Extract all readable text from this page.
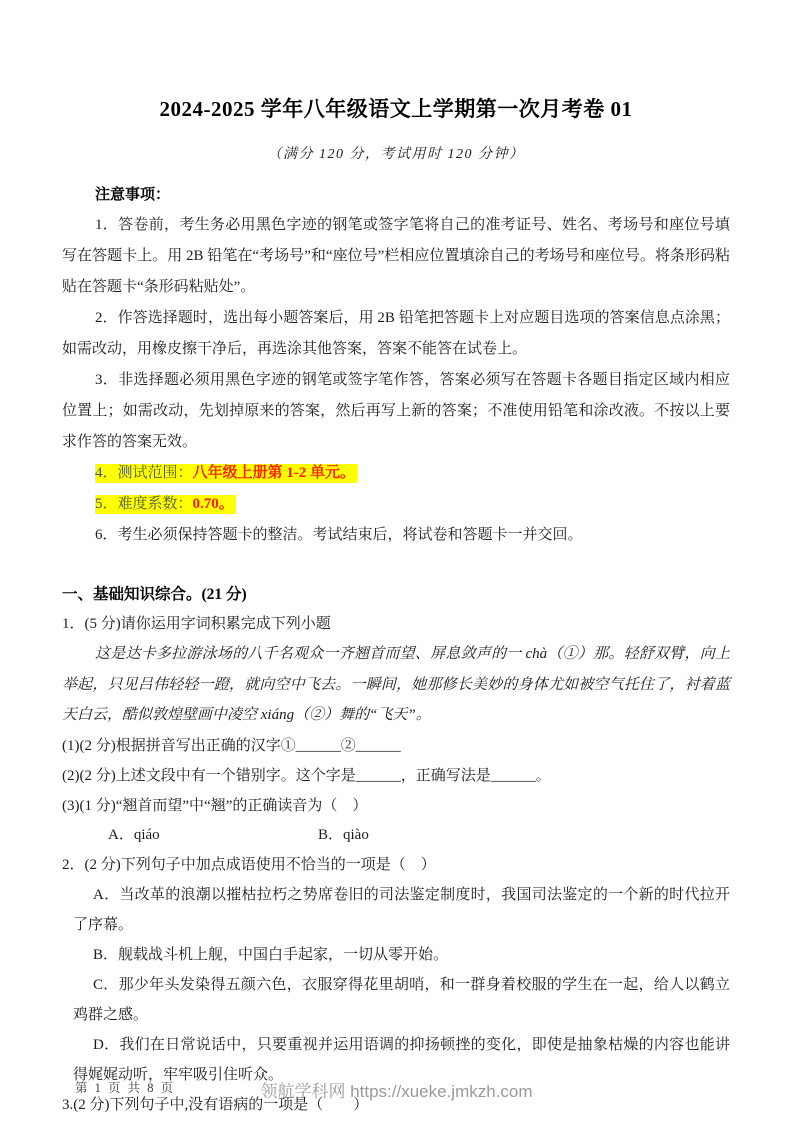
2024-2025 学年八年级语文上学期第一次月考卷 01
（满分 120 分，考试用时 120 分钟）
注意事项：

1．答卷前，考生务必用黑色字迹的钢笔或签字笔将自己的准考证号、姓名、考场号和座位号填写在答题卡上。用 2B 铅笔在“考场号”和“座位号”栏相应位置填涂自己的考场号和座位号。将条形码粘贴在答题卡“条形码粘贴处”。

2．作答选择题时，选出每小题答案后，用 2B 铅笔把答题卡上对应题目选项的答案信息点涂黑；如需改动，用橡皮擦干净后，再选涂其他答案，答案不能答在试卷上。

3．非选择题必须用黑色字迹的钢笔或签字笔作答，答案必须写在答题卡各题目指定区域内相应位置上；如需改动，先划掉原来的答案，然后再写上新的答案；不准使用铅笔和涂改液。不按以上要求作答的答案无效。

4．测试范围：八年级上册第 1-2 单元。

5．难度系数：0.70。

6．考生必须保持答题卡的整洁。考试结束后，将试卷和答题卡一并交回。

一、基础知识综合。(21 分)

1．(5 分)请你运用字词积累完成下列小题

这是达卡多拉游泳场的八千名观众一齐翘首而望、屏息敛声的一 chà（①）那。轻舒双臂，向上举起，只见吕伟轻轻一蹬，就向空中飞去。一瞬间，她那修长美妙的身体尤如被空气托住了，衬着蓝天白云，酷似敦煌壁画中凌空 xiáng（②）舞的“飞天”。

(1)(2 分)根据拼音写出正确的汉字①______②______

(2)(2 分)上述文段中有一个错别字。这个字是______，正确写法是______。

(3)(1 分)“翘首而望”中“翘”的正确读音为（　）

A．qiáo	B．qiào

2．(2 分)下列句子中加点成语使用不恰当的一项是（　）

A．当改革的浪潮以摧枯拉朽之势席卷旧的司法鉴定制度时，我国司法鉴定的一个新的时代拉开了序幕。

B．舰载战斗机上舰，中国白手起家，一切从零开始。

C．那少年头发染得五颜六色，衣服穿得花里胡哨，和一群身着校服的学生在一起，给人以鹤立鸡群之感。

D．我们在日常说话中，只要重视并运用语调的抑扬顿挫的变化，即使是抽象枯燥的内容也能讲得娓娓动听，牢牢吸引住听众。

3.(2 分)下列句子中,没有语病的一项是（　　）

第 1 页 共 8 页	领航学科网 https://xueke.jmkzh.com
